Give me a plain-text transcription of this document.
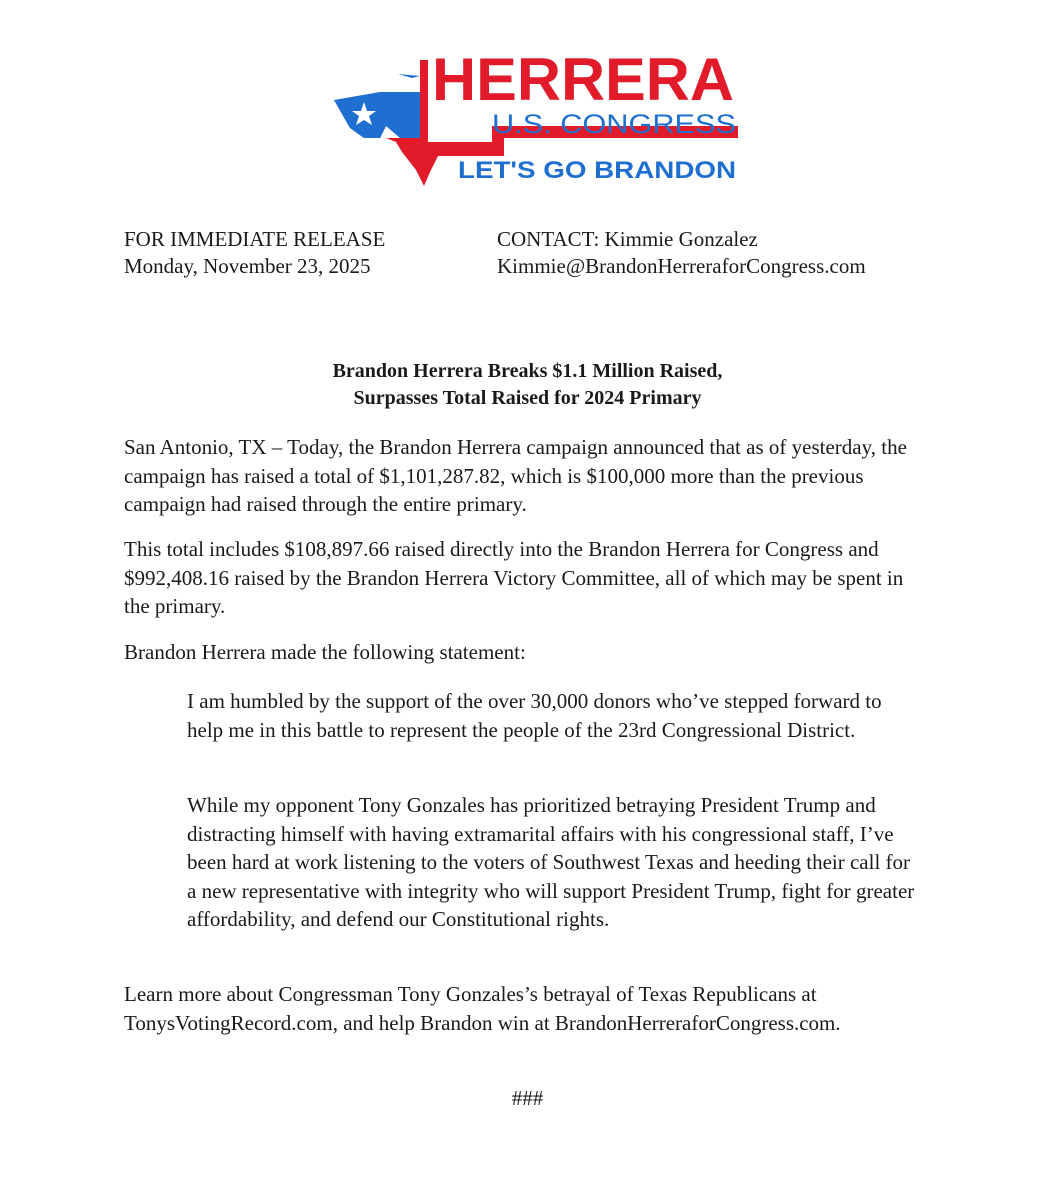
HERRERA
U.S. CONGRESS
LET'S GO BRANDON
FOR IMMEDIATE RELEASE
Monday, November 23, 2025
CONTACT: Kimmie Gonzalez
Kimmie@BrandonHerreraforCongress.com
Brandon Herrera Breaks $1.1 Million Raised,
Surpasses Total Raised for 2024 Primary
San Antonio, TX – Today, the Brandon Herrera campaign announced that as of yesterday, the campaign has raised a total of $1,101,287.82, which is $100,000 more than the previous campaign had raised through the entire primary.
This total includes $108,897.66 raised directly into the Brandon Herrera for Congress and $992,408.16 raised by the Brandon Herrera Victory Committee, all of which may be spent in the primary.
Brandon Herrera made the following statement:
I am humbled by the support of the over 30,000 donors who’ve stepped forward to help me in this battle to represent the people of the 23rd Congressional District.
While my opponent Tony Gonzales has prioritized betraying President Trump and distracting himself with having extramarital affairs with his congressional staff, I’ve been hard at work listening to the voters of Southwest Texas and heeding their call for a new representative with integrity who will support President Trump, fight for greater affordability, and defend our Constitutional rights.
Learn more about Congressman Tony Gonzales’s betrayal of Texas Republicans at TonysVotingRecord.com, and help Brandon win at BrandonHerreraforCongress.com.
###
